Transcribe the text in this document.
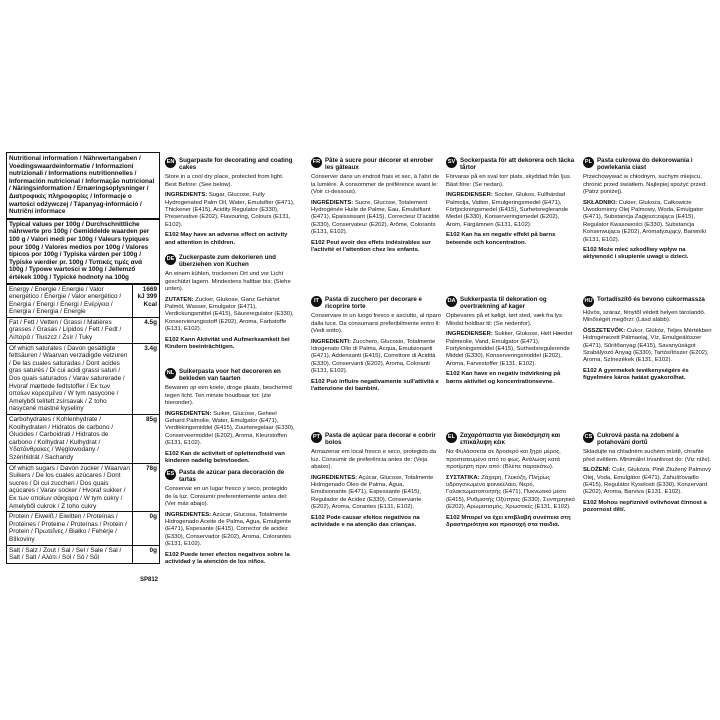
Nutritional information / Nährwertangaben / Voedingswaardeinformatie / Informazioni nutrizionali / Informations nutritionnelles / Información nutricional / Informação nutricional / Näringsinformation / Ernæringsoplysninger / Διατροφικές πληροφορίες / Informacje o wartości odżywczej / Tápanyag-információ / Nutriční informace
Typical values per 100g / Durchschnittliche nährwerte pro 100g / Gemiddelde waarden per 100 g / Valori medi per 100g / Valeurs typiques pour 100g / Valores medios por 100g / Valores típicos por 100g / Typiska värden per 100g / Typiske værdier pr. 100g / Τυπικές τιμές ανά 100g / Typowe wartości w 100g / Jellemző értékek 100g / Typické hodnoty na 100g
Energy / Energie / Energie / Valor energético / Énergie / Valor energético / Energia / Energi / Energi / Ενέργεια / Energia / Energia / Energie
1669 kJ 399 Kcal
Fat / Fett / Vetten / Grassi / Matières grasses / Grasas / Lípidos / Fett / Fedt / Λιπαρά / Tłuszcz / Zsír / Tuky
4.5g
Of which saturates / Davon gesättigte fettsäuren / Waarvan verzadigde vetzuren / De las cuales saturadas / Dont acides gras saturés / Di cui acidi grassi saturi / Dos quais saturados / Varav saturerade / Hvoraf mættede fedtstoffer / Εκ των οποίων κορεσμένα / W tym nasycone / Amelyből telített zsírsavak / Z toho nasycené mastné kyseliny
3.4g
Carbohydrates / Kohlenhydrate / Koolhydraten / Hidratos de carbono / Glucides / Carboidrati / Hidratos de carbono / Kolhydrat / Kulhydrat / Υδατάνθρακες / Węglowodany / Szénhidrát / Sacharidy
85g
Of which sugars / Davon zucker / Waarvan Suikers / De los cuales azúcares / Dont sucres / Di cui zuccheri / Dos quais açúcares / Varav socker / Hvoraf sukker / Εκ των οποίων σάκχαρα / W tym cukry / Amelyből cukrok / Z toho cukry
78g
Protein / Eiweiß / Eiwitten / Proteínas / Protéines / Proteine / Proteínas / Protein / Protein / Πρωτεΐνες / Białko / Fehérje / Bílkoviny
0g
Salt / Salz / Zout / Sal / Sel / Sale / Sal / Salt / Salt / Αλάτι / Sól / Só / Sůl
0g
SP812
EN Sugarpaste for decorating and coating cakes

Store in a cool dry place, protected from light. Best Before: (See below).

INGREDIENTS: Sugar, Glucose, Fully Hydrogenated Palm Oil, Water, Emulsifier (E471), Thickener (E415), Acidity Regulator (E330), Preservative (E202), Flavouring, Colours (E131, E102).

E102 May have an adverse effect on activity and attention in children.

DE Zuckerpaste zum dekorieren und überziehen von Kuchen

An einem kühlen, trockenen Ort und vor Licht geschützt lagern. Mindestens haltbar bis: (Siehe unten).

ZUTATEN: Zucker, Glukose, Ganz Gehärtet Palmöl, Wasser, Emulgator (E471), Verdickungsmittel (E415), Säureregulator (E330), Konservierungsstoff (E202), Aroma, Farbstoffe (E131, E102).

E102 Kann Aktivität und Aufmerksamkeit bei Kindern beeinträchtigen.

NL Suikerpasta voor het decoreren en bekleden van taarten

Bewaren op een koele, droge plaats, beschermd tegen licht. Ten minste houdbaar tot: (zie hieronder).

INGREDIËNTEN: Suiker, Glucose, Geheel Gehard Palmolie, Water, Emulgator (E471), Verdikkingsmiddel (E415), Zuurteregelaar (E330), Conserveermiddel (E202), Aroma, Kleurstoffen (E131, E102).

E102 Kan de activiteit of oplettendheid van kinderen nadelig beïnvloeden.

ES Pasta de azúcar para decoración de tartas

Conservar en un lugar fresco y seco, protegido de la luz. Consumir preferentemente antes del: (Ver más abajo).

INGREDIENTES: Azúcar, Glucosa, Totalmente Hidrogenado Aceite de Palma, Agua, Emulgente (E471), Espesante (E415), Corrector de acidez (E330), Conservador (E202), Aroma, Colorantes (E131, E102).

E102 Puede tener efectos negativos sobre la actividad y la atención de los niños.

FR Pâte à sucre pour décorer et enrober les gâteaux

Conserver dans un endroit frais et sec, à l'abri de la lumière. À consommer de préférence avant le: (Voir ci-dessous).

INGRÉDIENTS: Sucre, Glucose, Totalement Hydrogénée Huile de Palme, Eau, Émulsifiant (E471), Épaississant (E415), Correcteur D'acidité (E330), Conservateur (E202), Arôme, Colorants (E131, E102).

E102 Peut avoir des effets indésirables sur l'activité et l'attention chez les enfants.

IT Pasta di zucchero per decorare e ricoprire torte

Conservare in un luogo fresco e asciutto, al riparo dalla luce. Da consumarsi preferibilmente entro il: (Vedi sotto).

INGREDIENTI: Zucchero, Glucosio, Totalmente Idrogenato Olio di Palma, Acqua, Emulsionanti (E471), Addensanti (E415), Correttore di Acidità (E330), Conservanti (E202), Aroma, Coloranti (E131, E102).

E102 Può influire negativamente sull'attività e l'attenzione dei bambini.

PT Pasta de açúcar para decorar e cobrir bolos

Armazenar em local fresco e seco, protegido da luz. Consumir de preferência antes de: (Veja abaixo).

INGREDIENTES: Açúcar, Glucose, Totalmente Hidrogenado Óleo de Palma, Água, Emulsionante (E471), Espessante (E415), Regulador de Acidez (E330), Conservante (E202), Aroma, Corantes (E131, E102).

E102 Pode causar efeitos negativos na actividade e na atenção das crianças.

SV Sockerpasta för att dekorera och täcka tårtor

Förvaras på en sval torr plats, skyddad från ljus. Bäst före: (Se nedan).

INGREDIENSER: Socker, Glukos, Fullhärdad Palmolja, Vatten, Emulgeringsmedel (E471), Förtjockningsmedel (E415), Surhetsreglerande Medel (E330), Konserveringsmedel (E202), Arom, Färgämnen (E131, E102).

E102 Kan ha en negativ effekt på barns beteende och koncentration.

DA Sukkerpasta til dekoration og overtrækning af kager

Opbevares på et køligt, tørt sted, væk fra lys. Mindst holdbar til: (Se nedenfor).

INGREDIENSER: Sukker, Glukose, Helt Hærdet Palmeolie, Vand, Emulgator (E471), Fortykningsmiddel (E415), Surhedsregulerende Middel (E330), Konserveringsmiddel (E202), Aroma, Farvestoffer (E131, E102).

E102 Kan have en negativ indvirkning på børns aktivitet og koncentrationsevne.

EL Ζαχαρόπαστα για διακόσμηση και επικάλυψη κέικ

Να Φυλάσσεται σε δροσερό και ξηρό μέρος, προστατευμένο από το φως. Ανάλωση κατά προτίμηση πριν από: (Βλέπε παρακάτω).

ΣΥΣΤΑΤΙΚΑ: Ζάχαρη, Γλυκόζη, Πλήρως υδρογονωμένο φοινικέλαιο, Νερό, Γαλακτωματοποιητής (E471), Πυκνωτικό μέσο (E415), Ρυθμιστής Οξύτητας (E330), Συντηρητικό (E202), Αρωματισμός, Χρωστικές (E131, E102).

E102 Μπορεί να έχει επιβλαβή συνέπεια στη δραστηριότητα και προσοχή στα παιδιά.

PL Pasta cukrowa do dekorowania i powlekania ciast

Przechowywać w chłodnym, suchym miejscu, chronić przed światłem. Najlepiej spożyć przed: (Patrz poniżej).

SKŁADNIKI: Cukier, Glukoza, Całkowicie Uwodorniony Olej Palmowy, Woda, Emulgator (E471), Substancja Zagęszczająca (E415), Regulator Kwasowości (E330), Substancja Konserwująca (E202), Aromatyzujący, Barwniki (E131, E102).

E102 Może mieć szkodliwy wpływ na aktywność i skupienie uwagi u dzieci.

HU Tortadíszítő és bevono cukormassza

Hűvös, száraz, fénytől védett helyen tárolandó. Minőségét megőrzi: (Lásd alább).

ÖSSZETEVŐK: Cukor, Glükóz, Teljes Mértékben Hidrogénezett Pálmaolaj, Víz, Emulgeálószer (E471), Sűrítőanyag (E415), Savanyúságot Szabályozó Anyag (E330), Tartósítószer (E202), Aroma, Színezékek (E131, E102).

E102 A gyermekek tevékenységére és figyelmére káros hatást gyakorolhat.

CS Cukrová pasta na zdobení a potahování dortů

Skladujte na chladném suchém místě, chraňte před světlem. Minimální trvanlivost do: (Viz níže).

SLOŽENÍ: Cukr, Glukóza, Plně Ztužený Palmový Olej, Voda, Emulgátor (E471), Zahušťovadlo (E415), Regulátor Kyselosti (E330), Konzervant (E202), Aroma, Barviva (E131, E102).

E102 Mohou nepříznivě ovlivňovat činnost a pozornost dětí.
